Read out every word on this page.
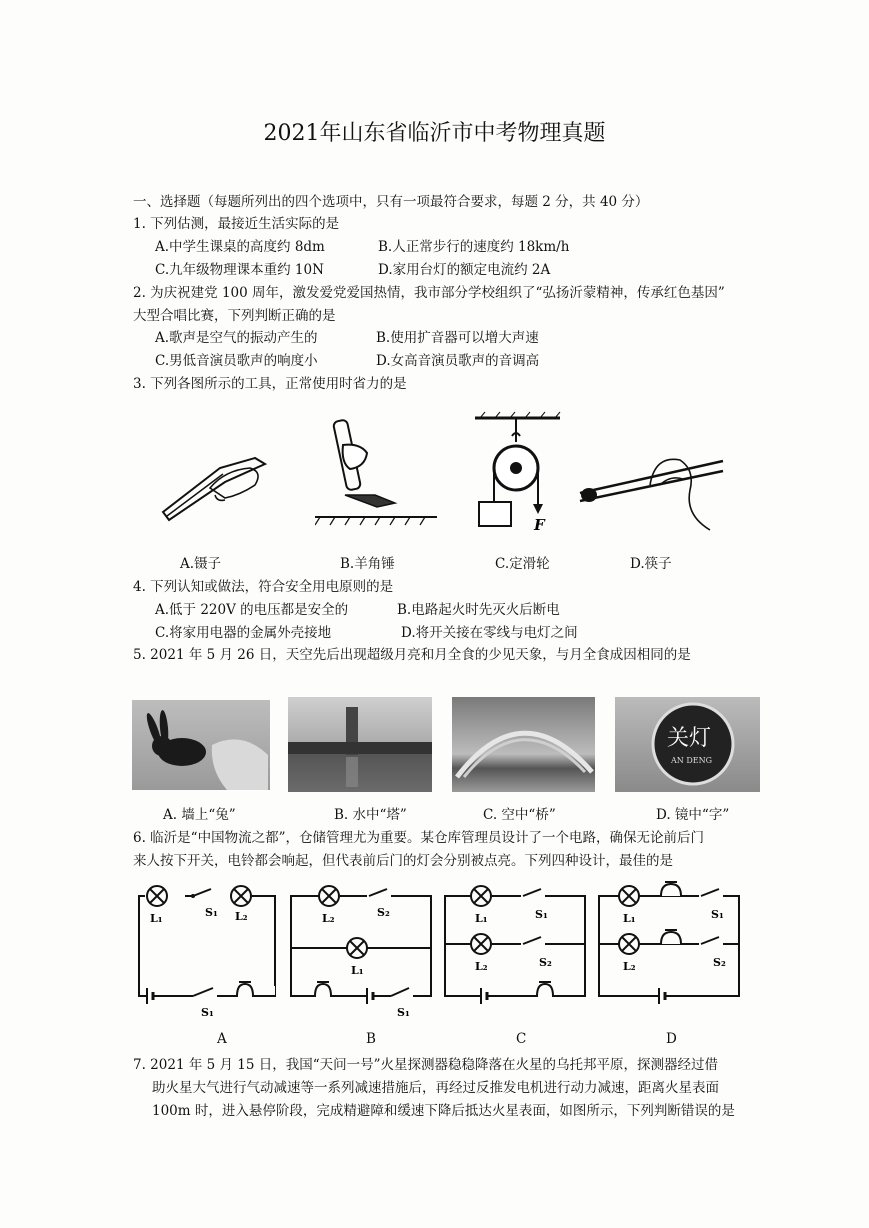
2021年山东省临沂市中考物理真题
一、选择题（每题所列出的四个选项中，只有一项最符合要求，每题 2 分，共 40 分）
1. 下列估测，最接近生活实际的是
A.中学生课桌的高度约 8dm	B.人正常步行的速度约 18km/h
C.九年级物理课本重约 10N	D.家用台灯的额定电流约 2A
2. 为庆祝建党 100 周年，激发爱党爱国热情，我市部分学校组织了“弘扬沂蒙精神，传承红色基因”
大型合唱比赛，下列判断正确的是
A.歌声是空气的振动产生的	B.使用扩音器可以增大声速
C.男低音演员歌声的响度小	D.女高音演员歌声的音调高
3. 下列各图所示的工具，正常使用时省力的是
F
A.镊子	B.羊角锤	C.定滑轮	D.筷子
4. 下列认知或做法，符合安全用电原则的是
A.低于 220V 的电压都是安全的	B.电路起火时先灭火后断电
C.将家用电器的金属外壳接地	D.将开关接在零线与电灯之间
5. 2021 年 5 月 26 日，天空先后出现超级月亮和月全食的少见天象，与月全食成因相同的是
关灯
AN DENG
A. 墙上“兔”	B. 水中“塔”	C. 空中“桥”	D. 镜中“字”
6. 临沂是“中国物流之都”，仓储管理尤为重要。某仓库管理员设计了一个电路，确保无论前后门
来人按下开关，电铃都会响起，但代表前后门的灯会分别被点亮。下列四种设计，最佳的是
L₁	S₁ L₂
S₁
L₂	S₂
L₁
S₁
L₁	S₁
L₂	S₂
L₁	S₁
L₂	S₂
A	B	C	D
7. 2021 年 5 月 15 日，我国“天问一号”火星探测器稳稳降落在火星的乌托邦平原，探测器经过借
助火星大气进行气动减速等一系列减速措施后，再经过反推发电机进行动力减速，距离火星表面
100m 时，进入悬停阶段，完成精避障和缓速下降后抵达火星表面，如图所示，下列判断错误的是
